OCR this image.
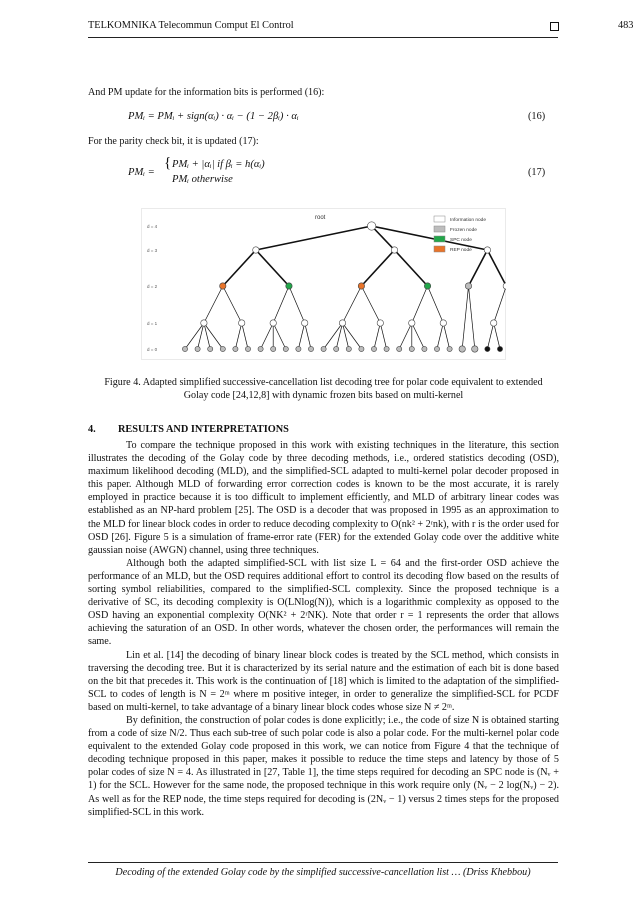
TELKOMNIKA Telecommun Comput El Control	483
And PM update for the information bits is performed (16):
PMᵢ = PMᵢ + sign(αᵢ) · αᵢ − (1 − 2βᵢ) · αᵢ	(16)
For the parity check bit, it is updated (17):
PMᵢ =
{ PMᵢ + |αᵢ| if βᵢ = h(αᵢ)
PMᵢ otherwise
(17)
d = 4
d = 3
d = 2
d = 1
d = 0
root	Information node
Frozen node
SPC node
REP node
Figure 4. Adapted simplified successive-cancellation list decoding tree for polar code equivalent to extended
Golay code [24,12,8] with dynamic frozen bits based on multi-kernel
4. RESULTS AND INTERPRETATIONS

To compare the technique proposed in this work with existing techniques in the literature, this section illustrates the decoding of the Golay code by three decoding methods, i.e., ordered statistics decoding (OSD), maximum likelihood decoding (MLD), and the simplified-SCL adapted to multi-kernel polar decoder proposed in this paper. Although MLD of forwarding error correction codes is known to be the most accurate, it is rarely employed in practice because it is too difficult to implement efficiently, and MLD of arbitrary linear codes was established as an NP-hard problem [25]. The OSD is a decoder that was proposed in 1995 as an approximation to the MLD for linear block codes in order to reduce decoding complexity to O(nk² + 2ʳnk), with r is the order used for OSD [26]. Figure 5 is a simulation of frame-error rate (FER) for the extended Golay code over the additive white gaussian noise (AWGN) channel, using three techniques.

Although both the adapted simplified-SCL with list size L = 64 and the first-order OSD achieve the performance of an MLD, but the OSD requires additional effort to control its decoding flow based on the results of sorting symbol reliabilities, compared to the simplified-SCL complexity. Since the proposed technique is a derivative of SC, its decoding complexity is O(LNlog(N)), which is a logarithmic complexity as opposed to the OSD having an exponential complexity O(NK² + 2ʳNK). Note that order r = 1 represents the order that allows achieving the saturation of an OSD. In other words, whatever the chosen order, the performances will remain the same.

Lin et al. [14] the decoding of binary linear block codes is treated by the SCL method, which consists in traversing the decoding tree. But it is characterized by its serial nature and the estimation of each bit is done based on the bit that precedes it. This work is the continuation of [18] which is limited to the adaptation of the simplified-SCL to codes of length is N = 2ᵐ where m positive integer, in order to generalize the simplified-SCL for PCDF based on multi-kernel, to take advantage of a binary linear block codes whose size N ≠ 2ᵐ.

By definition, the construction of polar codes is done explicitly; i.e., the code of size N is obtained starting from a code of size N/2. Thus each sub-tree of such polar code is also a polar code. For the multi-kernel polar code equivalent to the extended Golay code proposed in this work, we can notice from Figure 4 that the technique of decoding technique proposed in this paper, makes it possible to reduce the time steps and latency by those of 5 polar codes of size N = 4. As illustrated in [27, Table 1], the time steps required for decoding an SPC node is (Nᵥ + 1) for the SCL. However for the same node, the proposed technique in this work require only (Nᵥ − 2 log(Nᵥ) − 2). As well as for the REP node, the time steps required for decoding is (2Nᵥ − 1) versus 2 times steps for the proposed simplified-SCL in this work.

Decoding of the extended Golay code by the simplified successive-cancellation list … (Driss Khebbou)
